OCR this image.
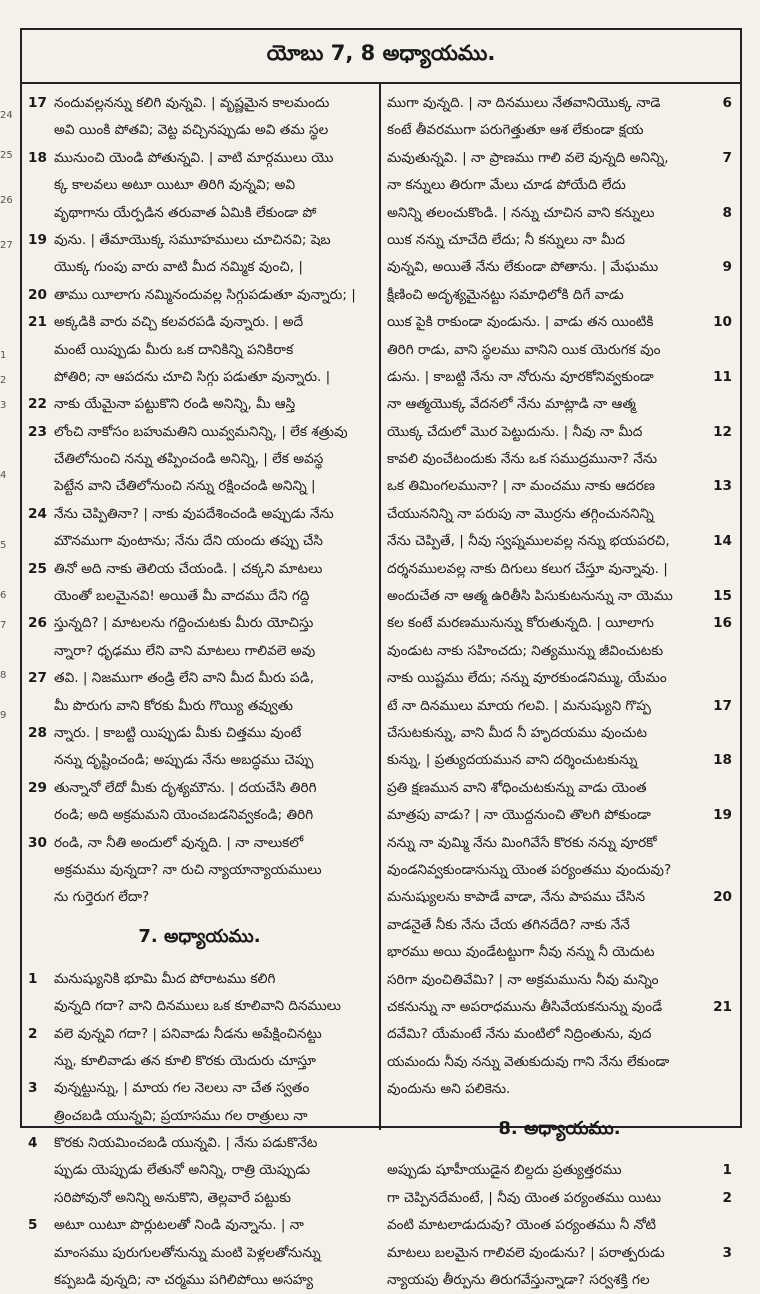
24
25
26
27
1
2
3
4
5
6
7
8
9
యోబు 7, 8 అధ్యాయము.
17 నందువల్లనన్ను కలిగి వున్నవి. | వృష్ణమైన కాలమందు
అవి యింకి పోతవి; వెట్ట వచ్చినప్పుడు అవి తమ స్థల
18 మునుంచి యెండి పోతున్నవి. | వాటి మార్గములు యొ
క్క కాలవలు అటూ యిటూ తిరిగి వున్నవి; అవి
వృథాగాను యేర్పడిన తరువాత ఏమికి లేకుండా పో
19 వును. | తేమాయొక్క సమూహములు చూచినవి; షెబ
యొక్క గుంపు వారు వాటి మీద నమ్మిక వుంచి, |
20 తాము యీలాగు నమ్మినందువల్ల సిగ్గుపడుతూ వున్నారు; |
21 అక్కడికి వారు వచ్చి కలవరపడి వున్నారు. | అదే
మంటే యిప్పుడు మీరు ఒక దానికిన్ని పనికిరాక
పోతిరి; నా ఆపదను చూచి సిగ్గు పడుతూ వున్నారు. |
22 నాకు యేమైనా పట్టుకొని రండి అనిన్ని, మీ ఆస్తి
23 లోంచి నాకోసం బహుమతిని యివ్వమనిన్ని, | లేక శత్రువు
చేతిలోనుంచి నన్ను తప్పించండి అనిన్ని, | లేక అవస్థ
పెట్టేన వాని చేతిలోనుంచి నన్ను రక్షించండి అనిన్ని |
24 నేను చెప్పితినా? | నాకు వుపదేశించండి అప్పుడు నేను
మౌనముగా వుంటాను; నేను దేని యందు తప్పు చేసి
25 తినో అది నాకు తెలియ చేయండి. | చక్కని మాటలు
యెంతో బలమైనవి! అయితే మీ వాదము దేని గద్ది
26 స్తున్నది? | మాటలను గద్దించుటకు మీరు యోచిస్తు
న్నారా? ధృఢము లేని వాని మాటలు గాలివలె అవు
27 తవి. | నిజముగా తండ్రి లేని వాని మీద మీరు పడి,
మీ పొరుగు వాని కోరకు మీరు గొయ్యి తవ్వుతు
28 న్నారు. | కాబట్టి యిప్పుడు మీకు చిత్తము వుంటే
నన్ను దృష్టించండి; అప్పుడు నేను అబద్ధము చెప్పు
29 తున్నానో లేదో మీకు దృశ్యమౌను. | దయచేసి తిరిగి
రండి; అది అక్రమమని యెంచబడనివ్వకండి; తిరిగి
30 రండి, నా నీతి అందులో వున్నది. | నా నాలుకలో
అక్రమము వున్నదా? నా రుచి న్యాయాన్యాయములు
ను గుర్తెరుగ లేదా?
7. అధ్యాయము.
1	మనుష్యునికి భూమి మీద పోరాటము కలిగి
వున్నది గదా? వాని దినములు ఒక కూలివాని దినములు
2	వలె వున్నవి గదా? | పనివాడు నీడను అపేక్షించినట్టు
న్ను, కూలివాడు తన కూలి కొరకు యెదురు చూస్తూ
3	వున్నట్టున్ను, | మాయ గల నెలలు నా చేత స్వతం
త్రించబడి యున్నవి; ప్రయాసము గల రాత్రులు నా
4	కొరకు నియమించబడి యున్నవి. | నేను పడుకొనేట
ప్పుడు యెప్పుడు లేతునో అనిన్ని, రాత్రి యెప్పుడు
సరిపోవునో అనిన్ని అనుకొని, తెల్లవారే పట్టుకు
5	అటూ యిటూ పొర్లుటలతో నిండి వున్నాను. | నా
మాంసము పురుగులతోనున్ను మంటి పెళ్లలతోనున్ను
కప్పబడి వున్నది; నా చర్మము పగిలిపోయి అసహ్య
ముగా వున్నది. | నా దినములు నేతవానియొక్క నాడె	6
కంటే తీవరముగా పరుగెత్తుతూ ఆశ లేకుండా క్షయ
మవుతున్నవి. | నా ప్రాణము గాలి వలె వున్నది అనిన్ని,	7
నా కన్నులు తిరుగా మేలు చూడ పోయేది లేదు
అనిన్ని తలంచుకొండి. | నన్ను చూచిన వాని కన్నులు	8
యిక నన్ను చూచేది లేదు; నీ కన్నులు నా మీద
వున్నవి, అయితే నేను లేకుండా పోతాను. | మేఘము	9
క్షీణించి అదృశ్యమైనట్టు సమాధిలోకి దిగే వాడు
యిక పైకి రాకుండా వుండును. | వాడు తన యింటికి	10
తిరిగి రాడు, వాని స్థలము వానిని యిక యెరుగక వుం
డును. | కాబట్టి నేను నా నోరును వూరకోనివ్వకుండా	11
నా ఆత్మయొక్క వేదనలో నేను మాట్లాడి నా ఆత్మ
యొక్క చేదులో మొర పెట్టుదును. | నీవు నా మీద	12
కావలి వుంచేటందుకు నేను ఒక సముద్రమునా? నేను
ఒక తిమింగలమునా? | నా మంచము నాకు ఆదరణ	13
చేయుననిన్ని నా పరుపు నా మొర్రను తగ్గించుననిన్ని
నేను చెప్పితే, | నీవు స్వప్నములవల్ల నన్ను భయపరచి,	14
దర్శనములవల్ల నాకు దిగులు కలుగ చేస్తూ వున్నావు. |
అందుచేత నా ఆత్మ ఉరితీసి పిసుకుటనున్ను నా యెము	15
కల కంటే మరణమునున్ను కోరుతున్నది. | యీలాగు	16
వుండుట నాకు సహించదు; నిత్యమున్ను జీవించుటకు
నాకు యిష్టము లేదు; నన్ను వూరకుండనిమ్ము, యేమం
టే నా దినములు మాయ గలవి. | మనుష్యుని గొప్ప	17
చేసుటకున్ను, వాని మీద నీ హృదయము వుంచుట
కున్ను, | ప్రత్యుదయమున వాని దర్శించుటకున్ను	18
ప్రతి క్షణమున వాని శోధించుటకున్ను వాడు యెంత
మాత్రపు వాడు? | నా యొద్దనుంచి తొలగి పోకుండా	19
నన్ను నా వుమ్మి నేను మింగివేసే కొరకు నన్ను వూరకో
వుండనివ్వకుండానున్ను యెంత పర్యంతము వుందువు?
మనుష్యులను కాపాడే వాడా, నేను పాపము చేసిన	20
వాడనైతే నీకు నేను చేయ తగినదేది? నాకు నేనే
భారము అయి వుండేటట్టుగా నీవు నన్ను నీ యెదుట
సరిగా వుంచితివేమి? | నా అక్రమమును నీవు మన్నిం
చకనున్ను నా అపరాధమును తీసివేయకనున్ను వుండే	21
దవేమి? యేమంటే నేను మంటిలో నిద్రింతును, వుద
యమందు నీవు నన్ను వెతుకుదువు గాని నేను లేకుండా
వుందును అని పలికెను.
8. అధ్యాయము.
అప్పుడు షూహీయుడైన బిల్దదు ప్రత్యుత్తరము	1
గా చెప్పినదేమంటే, | నీవు యెంత పర్యంతము యిటు	2
వంటి మాటలాడుదువు? యెంత పర్యంతము నీ నోటి
మాటలు బలమైన గాలివలె వుండును? | పరాత్పరుడు	3
న్యాయపు తీర్పును తిరుగవేస్తున్నాడా? సర్వశక్తి గల
